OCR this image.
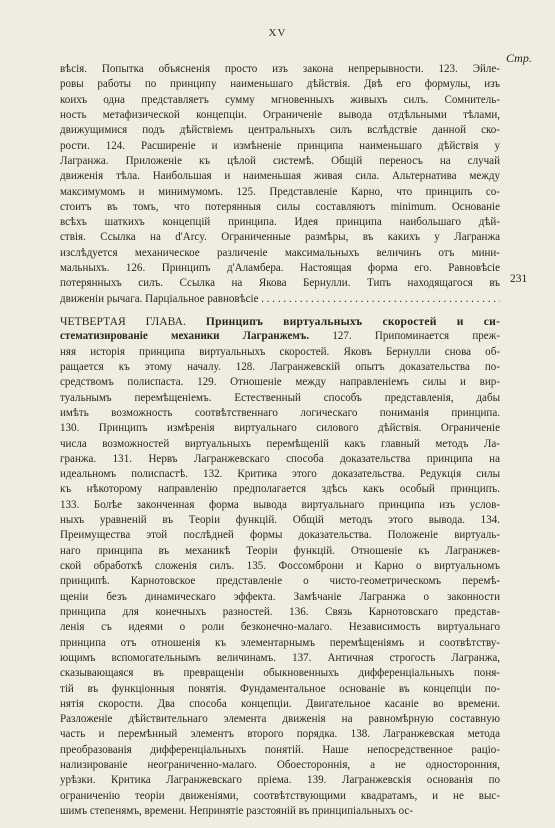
XV
Стр.
231
вѣсія. Попытка объясненія просто изъ закона непрерывности. 123. Эйле-
ровы работы по принципу наименьшаго дѣйствія. Двѣ его формулы, изъ
коихъ одна представляетъ сумму мгновенныхъ живыхъ силъ. Сомнитель-
ность метафизической концепціи. Ограниченіе вывода отдѣльными тѣлами,
движущимися подъ дѣйствіемъ центральныхъ силъ вслѣдствіе данной ско-
рости. 124. Расширеніе и измѣненіе принципа наименьшаго дѣйствія у
Лагранжа. Приложеніе къ цѣлой системѣ. Общій переносъ на случай
движенія тѣла. Наибольшая и наименьшая живая сила. Альтернатива между
максимумомъ и минимумомъ. 125. Представленіе Карно, что принципъ со-
стоитъ въ томъ, что потерянныя силы составляютъ minimum. Основаніе
всѣхъ шаткихъ концепцій принципа. Идея принципа наибольшаго дѣй-
ствія. Ссылка на d'Arcy. Ограниченные размѣры, въ какихъ у Лагранжа
изслѣдуется механическое различеніе максимальныхъ величинъ отъ мини-
мальныхъ. 126. Принципъ д'Аламбера. Настоящая форма его. Равновѣсіе
потерянныхъ силъ. Ссылка на Якова Бернулли. Типъ находящагося въ
движеніи рычага. Парціальное равновѣсіе . . .
ЧЕТВЕРТАЯ ГЛАВА. Принципъ виртуальныхъ скоростей и си-
стематизированіе механики Лагранжемъ. 127. Припоминается преж-
няя исторія принципа виртуальныхъ скоростей. Яковъ Бернулли снова об-
ращается къ этому началу. 128. Лагранжевскій опытъ доказательства по-
средствомъ полиспаста. 129. Отношеніе между направленіемъ силы и вир-
туальнымъ перемѣщеніемъ. Естественный способъ представленія, дабы
имѣть возможность соотвѣтственнаго логическаго пониманія принципа.
130. Принципъ измѣренія виртуальнаго силового дѣйствія. Ограниченіе
числа возможностей виртуальныхъ перемѣщеній какъ главный методъ Ла-
гранжа. 131. Нервъ Лагранжевскаго способа доказательства принципа на
идеальномъ полиспастѣ. 132. Критика этого доказательства. Редукція силы
къ нѣкоторому направленію предполагается здѣсь какъ особый принципъ.
133. Болѣе законченная форма вывода виртуальнаго принципа изъ услов-
ныхъ уравненій въ Теоріи функцій. Общій методъ этого вывода. 134.
Преимущества этой послѣдней формы доказательства. Положеніе виртуаль-
наго принципа въ механикѣ Теоріи функцій. Отношеніе къ Лагранжев-
ской обработкѣ сложенія силъ. 135. Фоссомброни и Карно о виртуальномъ
принципѣ. Карнотовское представленіе о чисто-геометрическомъ перемѣ-
щеніи безъ динамическаго эффекта. Замѣчаніе Лагранжа о законности
принципа для конечныхъ разностей. 136. Связь Карнотовскаго представ-
ленія съ идеями о роли безконечно-малаго. Независимость виртуальнаго
принципа отъ отношенія къ элементарнымъ перемѣщеніямъ и соотвѣтству-
ющимъ вспомогательнымъ величинамъ. 137. Античная строгость Лагранжа,
сказывающаяся въ превращеніи обыкновенныхъ дифференціальныхъ поня-
тій въ функціонныя понятія. Фундаментальное основаніе въ концепціи по-
нятія скорости. Два способа концепціи. Двигательное касаніе во времени.
Разложеніе дѣйствительнаго элемента движенія на равномѣрную составную
часть и перемѣнный элементъ второго порядка. 138. Лагранжевская метода
преобразованія дифференціальныхъ понятій. Наше непосредственное раціо-
нализированіе неограниченно-малаго. Обоестороннія, а не односторонния,
урѣзки. Критика Лагранжевскаго пріема. 139. Лагранжевскія основанія по
ограниченію теоріи движенiями, соотвѣтствующими квадратамъ, и не выс-
шимъ степенямъ, времени. Непринятіе разстояній въ принципіальныхъ ос-
